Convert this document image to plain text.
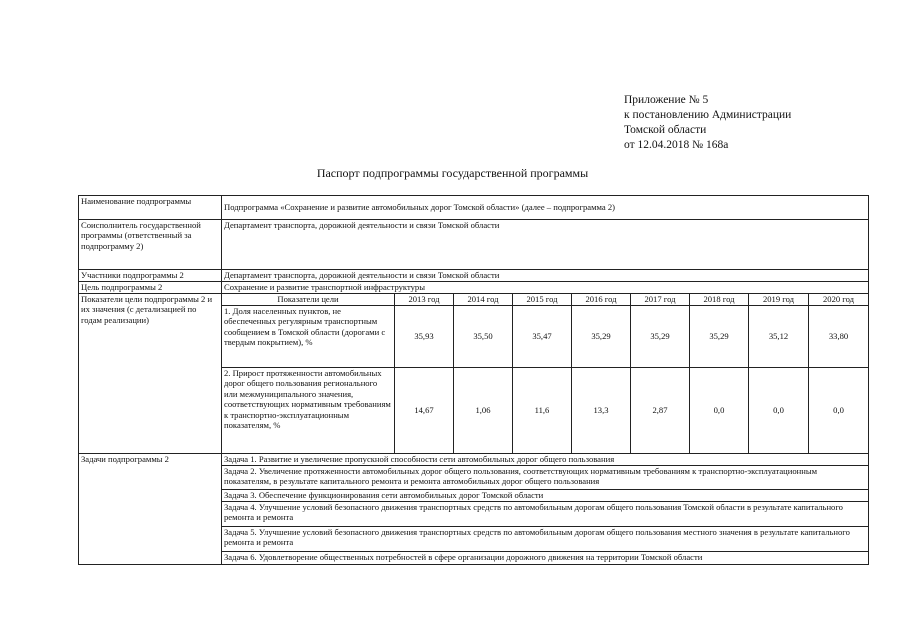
Приложение № 5
к постановлению Администрации
Томской области
от 12.04.2018 № 168а
Паспорт подпрограммы государственной программы
Наименование подпрограммы	Подпрограмма «Сохранение и развитие автомобильных дорог Томской области» (далее – подпрограмма 2)								
Соисполнитель государственной программы (ответственный за подпрограмму 2)	Департамент транспорта, дорожной деятельности и связи Томской области								
Участники подпрограммы 2	Департамент транспорта, дорожной деятельности и связи Томской области								
Цель подпрограммы 2	Сохранение и развитие транспортной инфраструктуры								
Показатели цели подпрограммы 2 и их значения (с детализацией по годам реализации)	Показатели цели	2013 год	2014 год	2015 год	2016 год	2017 год	2018 год	2019 год	2020 год
	1. Доля населенных пунктов, не обеспеченных регулярным транспортным сообщением в Томской области (дорогами с твердым покрытием), %	35,93	35,50	35,47	35,29	35,29	35,29	35,12	33,80
	2. Прирост протяженности автомобильных дорог общего пользования регионального или межмуниципального значения, соответствующих нормативным требованиям к транспортно-эксплуатационным показателям, %	14,67	1,06	11,6	13,3	2,87	0,0	0,0	0,0
Задачи подпрограммы 2	Задача 1. Развитие и увеличение пропускной способности сети автомобильных дорог общего пользования								
	Задача 2. Увеличение протяженности автомобильных дорог общего пользования, соответствующих нормативным требованиям к транспортно-эксплуатационным показателям, в результате капитального ремонта и ремонта автомобильных дорог общего пользования								
	Задача 3. Обеспечение функционирования сети автомобильных дорог Томской области								
	Задача 4. Улучшение условий безопасного движения транспортных средств по автомобильным дорогам общего пользования Томской области в результате капитального ремонта и ремонта								
	Задача 5. Улучшение условий безопасного движения транспортных средств по автомобильным дорогам общего пользования местного значения в результате капитального ремонта и ремонта								
	Задача 6. Удовлетворение общественных потребностей в сфере организации дорожного движения на территории Томской области								
